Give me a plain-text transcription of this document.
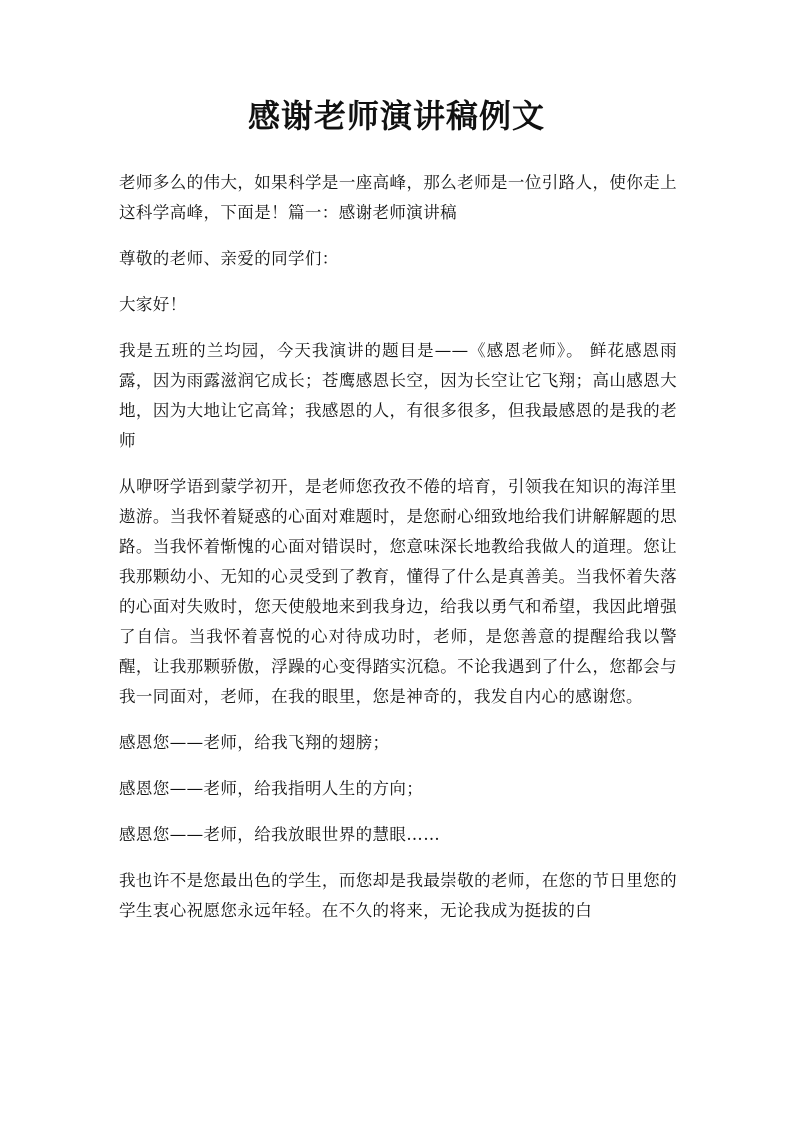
感谢老师演讲稿例文

老师多么的伟大，如果科学是一座高峰，那么老师是一位引路人，使你走上这科学高峰，下面是！篇一：感谢老师演讲稿

尊敬的老师、亲爱的同学们：

大家好！

我是五班的兰均园，今天我演讲的题目是——《感恩老师》。 鲜花感恩雨露，因为雨露滋润它成长；苍鹰感恩长空，因为长空让它飞翔；高山感恩大地，因为大地让它高耸；我感恩的人，有很多很多，但我最感恩的是我的老师

从咿呀学语到蒙学初开，是老师您孜孜不倦的培育，引领我在知识的海洋里遨游。当我怀着疑惑的心面对难题时，是您耐心细致地给我们讲解解题的思路。当我怀着惭愧的心面对错误时，您意味深长地教给我做人的道理。您让我那颗幼小、无知的心灵受到了教育，懂得了什么是真善美。当我怀着失落的心面对失败时，您天使般地来到我身边，给我以勇气和希望，我因此增强了自信。当我怀着喜悦的心对待成功时，老师，是您善意的提醒给我以警醒，让我那颗骄傲，浮躁的心变得踏实沉稳。不论我遇到了什么，您都会与我一同面对，老师，在我的眼里，您是神奇的，我发自内心的感谢您。

感恩您——老师，给我飞翔的翅膀；

感恩您——老师，给我指明人生的方向；

感恩您——老师，给我放眼世界的慧眼……

我也许不是您最出色的学生，而您却是我最崇敬的老师，在您的节日里您的学生衷心祝愿您永远年轻。在不久的将来，无论我成为挺拔的白
